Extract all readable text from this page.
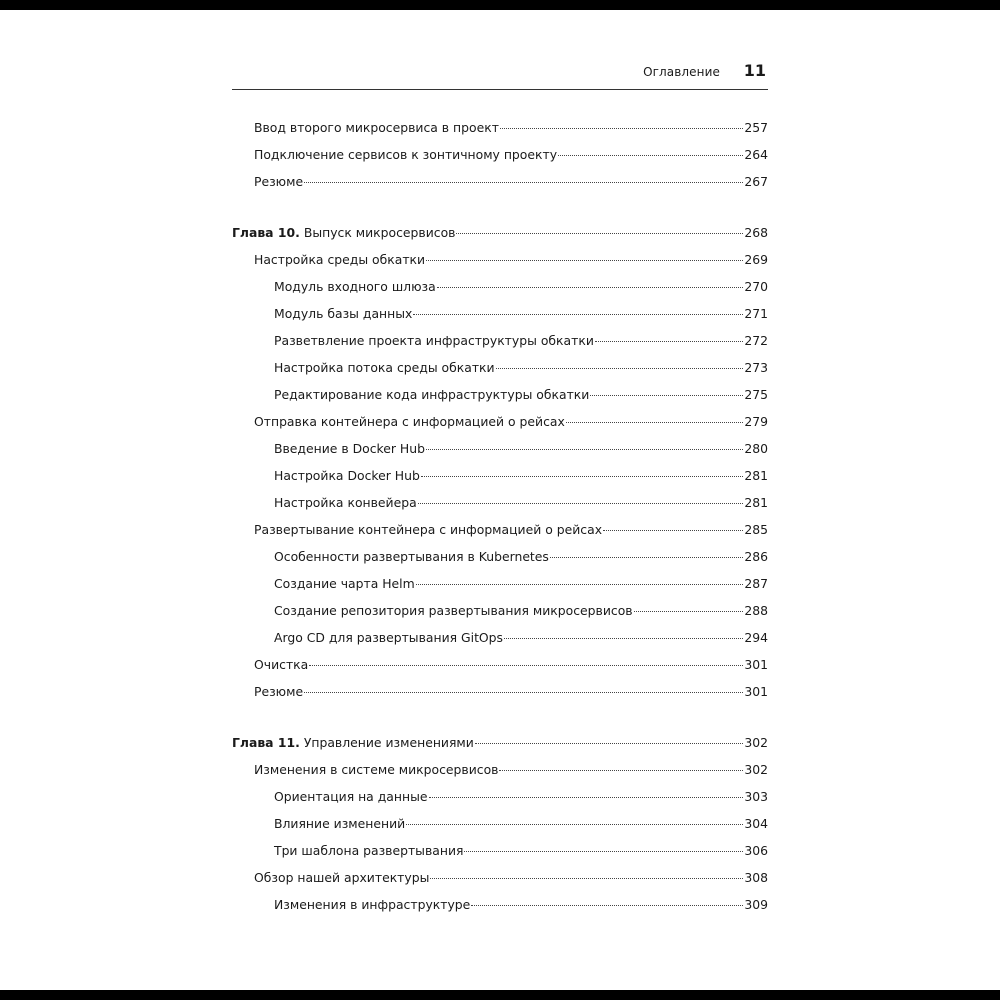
Оглавление 11
Ввод второго микросервиса в проект	257
Подключение сервисов к зонтичному проекту	264
Резюме	267
Глава 10. Выпуск микросервисов	268
Настройка среды обкатки	269
Модуль входного шлюза	270
Модуль базы данных	271
Разветвление проекта инфраструктуры обкатки	272
Настройка потока среды обкатки	273
Редактирование кода инфраструктуры обкатки	275
Отправка контейнера с информацией о рейсах	279
Введение в Docker Hub	280
Настройка Docker Hub	281
Настройка конвейера	281
Развертывание контейнера с информацией о рейсах	285
Особенности развертывания в Kubernetes	286
Создание чарта Helm	287
Создание репозитория развертывания микросервисов	288
Argo CD для развертывания GitOps	294
Очистка	301
Резюме	301
Глава 11. Управление изменениями	302
Изменения в системе микросервисов	302
Ориентация на данные	303
Влияние изменений	304
Три шаблона развертывания	306
Обзор нашей архитектуры	308
Изменения в инфраструктуре	309
